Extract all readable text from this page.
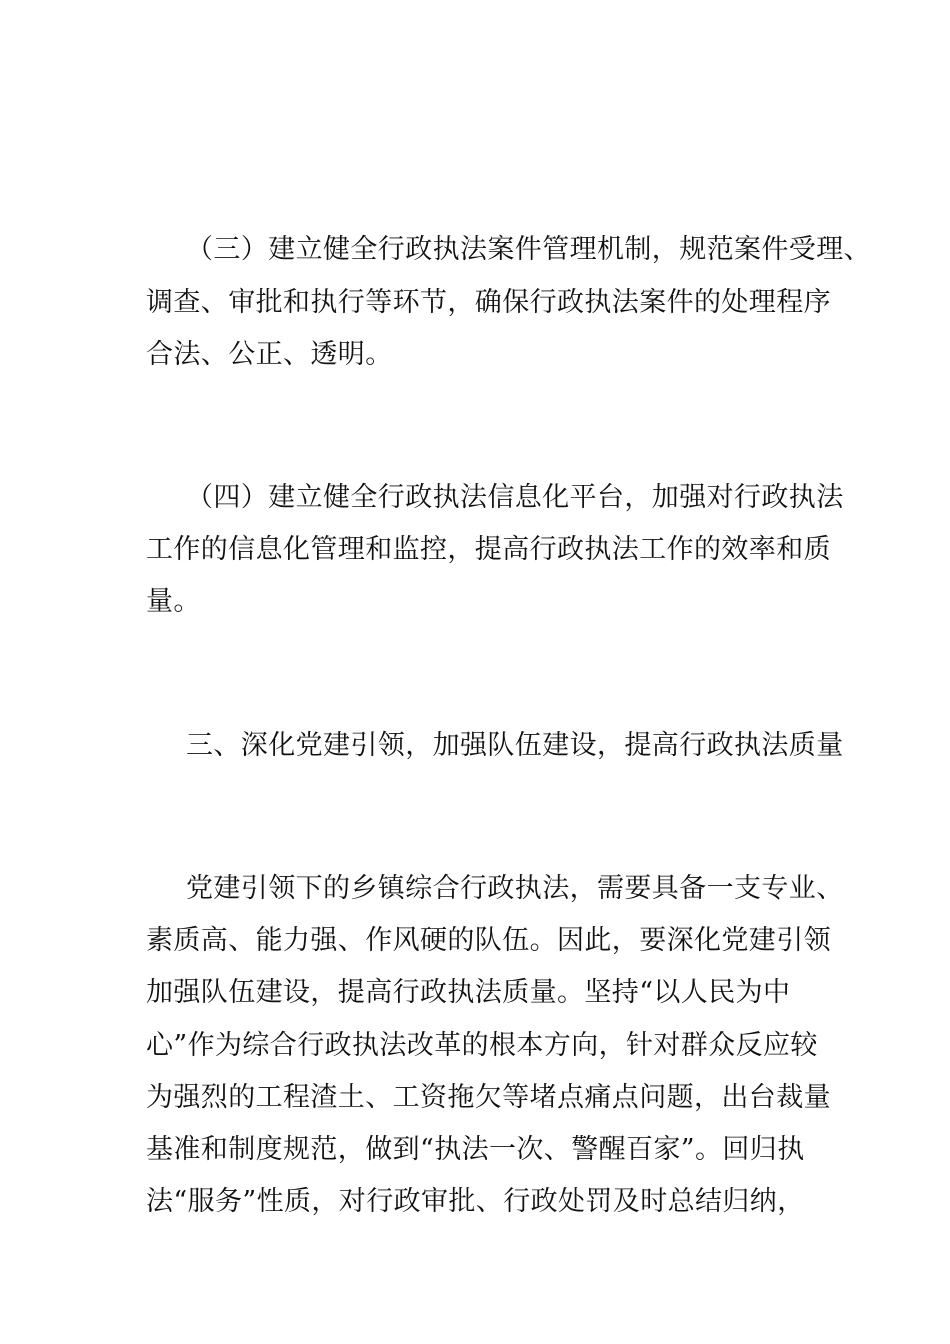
（三）建立健全行政执法案件管理机制，规范案件受理、
调查、审批和执行等环节，确保行政执法案件的处理程序
合法、公正、透明。
（四）建立健全行政执法信息化平台，加强对行政执法
工作的信息化管理和监控，提高行政执法工作的效率和质
量。
三、深化党建引领，加强队伍建设，提高行政执法质量
党建引领下的乡镇综合行政执法，需要具备一支专业、
素质高、能力强、作风硬的队伍。因此，要深化党建引领
加强队伍建设，提高行政执法质量。坚持“以人民为中
心”作为综合行政执法改革的根本方向，针对群众反应较
为强烈的工程渣土、工资拖欠等堵点痛点问题，出台裁量
基准和制度规范，做到“执法一次、警醒百家”。回归执
法“服务”性质，对行政审批、行政处罚及时总结归纳，
